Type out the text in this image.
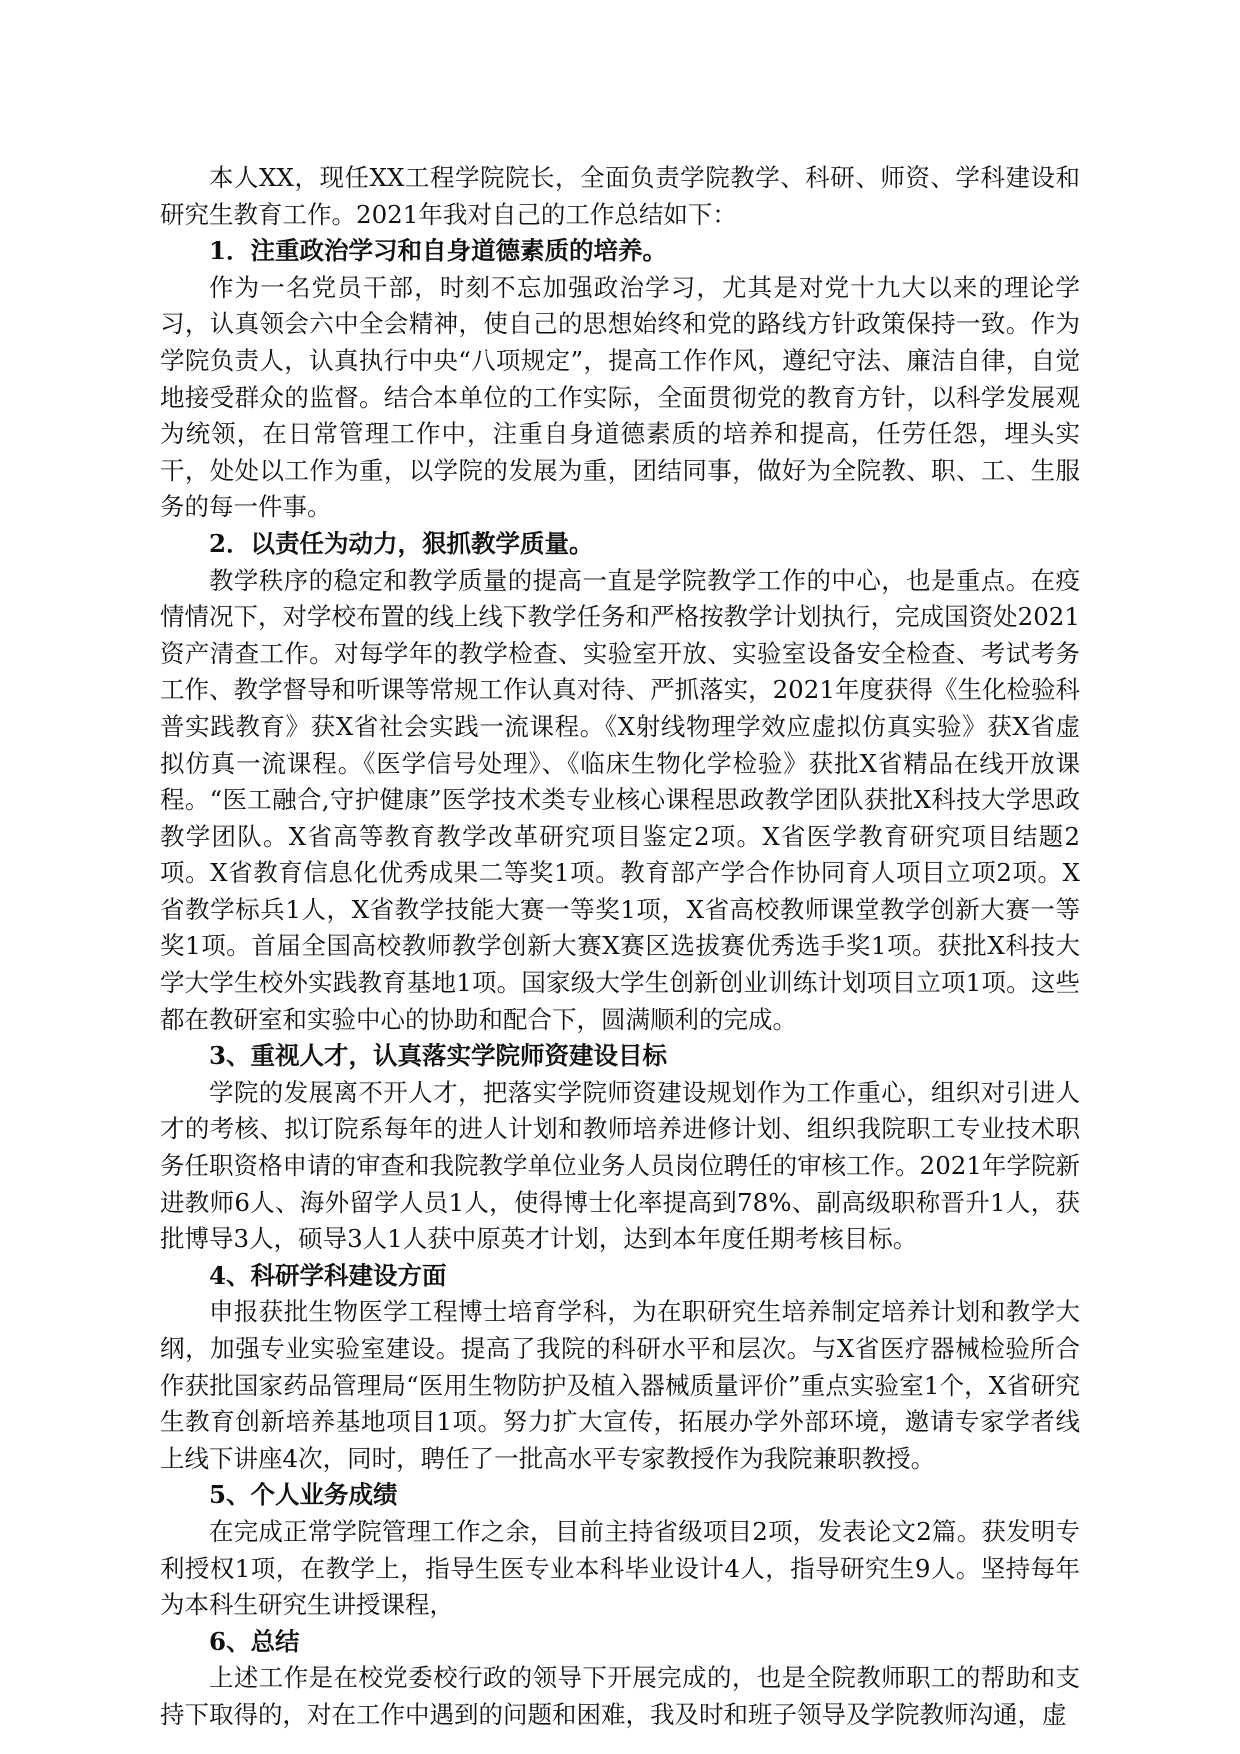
本人XX，现任XX工程学院院长，全面负责学院教学、科研、师资、学科建设和研究生教育工作。2021年我对自己的工作总结如下：

1．注重政治学习和自身道德素质的培养。

作为一名党员干部，时刻不忘加强政治学习，尤其是对党十九大以来的理论学习，认真领会六中全会精神，使自己的思想始终和党的路线方针政策保持一致。作为学院负责人，认真执行中央“八项规定”，提高工作作风，遵纪守法、廉洁自律，自觉地接受群众的监督。结合本单位的工作实际，全面贯彻党的教育方针，以科学发展观为统领，在日常管理工作中，注重自身道德素质的培养和提高，任劳任怨，埋头实干，处处以工作为重，以学院的发展为重，团结同事，做好为全院教、职、工、生服务的每一件事。

2．以责任为动力，狠抓教学质量。

教学秩序的稳定和教学质量的提高一直是学院教学工作的中心，也是重点。在疫情情况下，对学校布置的线上线下教学任务和严格按教学计划执行，完成国资处2021资产清查工作。对每学年的教学检查、实验室开放、实验室设备安全检查、考试考务工作、教学督导和听课等常规工作认真对待、严抓落实，2021年度获得《生化检验科普实践教育》获X省社会实践一流课程。《X射线物理学效应虚拟仿真实验》获X省虚拟仿真一流课程。《医学信号处理》、《临床生物化学检验》获批X省精品在线开放课程。“医工融合,守护健康”医学技术类专业核心课程思政教学团队获批X科技大学思政教学团队。X省高等教育教学改革研究项目鉴定2项。X省医学教育研究项目结题2项。X省教育信息化优秀成果二等奖1项。教育部产学合作协同育人项目立项2项。X省教学标兵1人，X省教学技能大赛一等奖1项，X省高校教师课堂教学创新大赛一等奖1项。首届全国高校教师教学创新大赛X赛区选拔赛优秀选手奖1项。获批X科技大学大学生校外实践教育基地1项。国家级大学生创新创业训练计划项目立项1项。这些都在教研室和实验中心的协助和配合下，圆满顺利的完成。

3、重视人才，认真落实学院师资建设目标

学院的发展离不开人才，把落实学院师资建设规划作为工作重心，组织对引进人才的考核、拟订院系每年的进人计划和教师培养进修计划、组织我院职工专业技术职务任职资格申请的审查和我院教学单位业务人员岗位聘任的审核工作。2021年学院新进教师6人、海外留学人员1人，使得博士化率提高到78%、副高级职称晋升1人，获批博导3人，硕导3人1人获中原英才计划，达到本年度任期考核目标。

4、科研学科建设方面

申报获批生物医学工程博士培育学科，为在职研究生培养制定培养计划和教学大纲，加强专业实验室建设。提高了我院的科研水平和层次。与X省医疗器械检验所合作获批国家药品管理局“医用生物防护及植入器械质量评价”重点实验室1个，X省研究生教育创新培养基地项目1项。努力扩大宣传，拓展办学外部环境，邀请专家学者线上线下讲座4次，同时，聘任了一批高水平专家教授作为我院兼职教授。

5、个人业务成绩

在完成正常学院管理工作之余，目前主持省级项目2项，发表论文2篇。获发明专利授权1项，在教学上，指导生医专业本科毕业设计4人，指导研究生9人。坚持每年为本科生研究生讲授课程，

6、总结

上述工作是在校党委校行政的领导下开展完成的，也是全院教师职工的帮助和支持下取得的，对在工作中遇到的问题和困难，我及时和班子领导及学院教师沟通，虚
